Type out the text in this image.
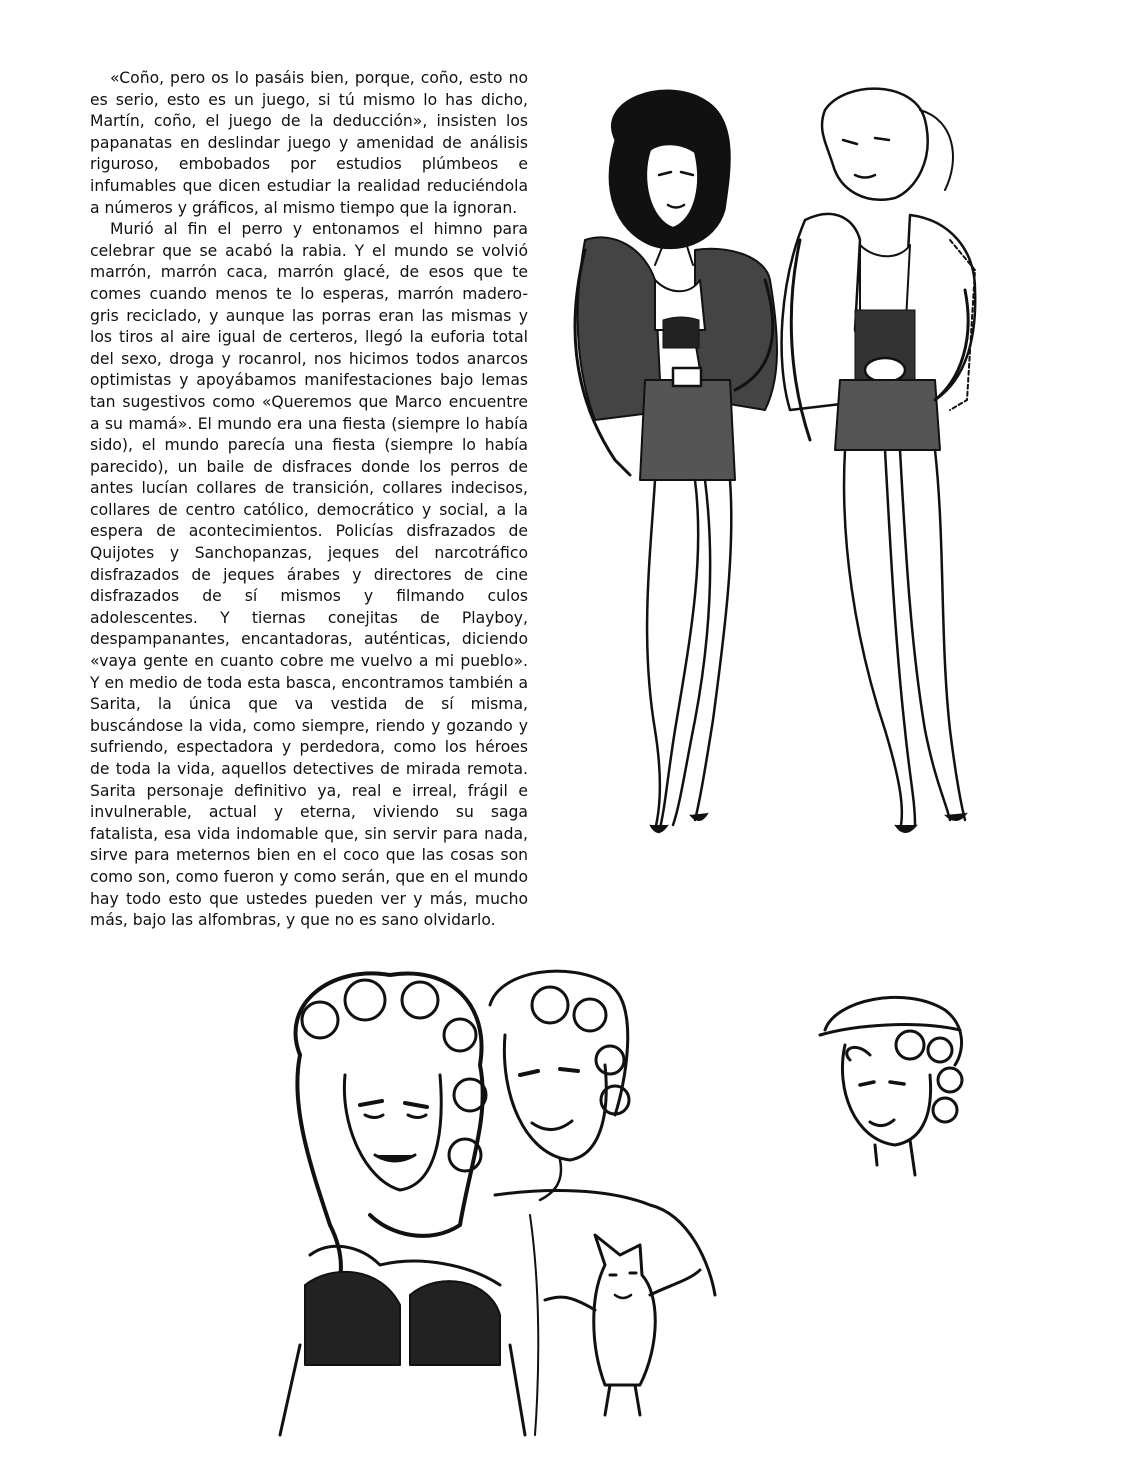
«Coño, pero os lo pasáis bien, porque, coño, esto no es serio, esto es un juego, si tú mismo lo has dicho, Martín, coño, el juego de la deducción», insisten los papanatas en deslindar juego y amenidad de análisis riguroso, embobados por estudios plúmbeos e infumables que dicen estudiar la realidad reduciéndola a números y gráficos, al mismo tiempo que la ignoran.

Murió al fin el perro y entonamos el himno para celebrar que se acabó la rabia. Y el mundo se volvió marrón, marrón caca, marrón glacé, de esos que te comes cuando menos te lo esperas, marrón madero-gris reciclado, y aunque las porras eran las mismas y los tiros al aire igual de certeros, llegó la euforia total del sexo, droga y rocanrol, nos hicimos todos anarcos optimistas y apoyábamos manifestaciones bajo lemas tan sugestivos como «Queremos que Marco encuentre a su mamá». El mundo era una fiesta (siempre lo había sido), el mundo parecía una fiesta (siempre lo había parecido), un baile de disfraces donde los perros de antes lucían collares de transición, collares indecisos, collares de centro católico, democrático y social, a la espera de acontecimientos. Policías disfrazados de Quijotes y Sanchopanzas, jeques del narcotráfico disfrazados de jeques árabes y directores de cine disfrazados de sí mismos y filmando culos adolescentes. Y tiernas conejitas de Playboy, despampanantes, encantadoras, auténticas, diciendo «vaya gente en cuanto cobre me vuelvo a mi pueblo». Y en medio de toda esta basca, encontramos también a Sarita, la única que va vestida de sí misma, buscándose la vida, como siempre, riendo y gozando y sufriendo, espectadora y perdedora, como los héroes de toda la vida, aquellos detectives de mirada remota. Sarita personaje definitivo ya, real e irreal, frágil e invulnerable, actual y eterna, viviendo su saga fatalista, esa vida indomable que, sin servir para nada, sirve para meternos bien en el coco que las cosas son como son, como fueron y como serán, que en el mundo hay todo esto que ustedes pueden ver y más, mucho más, bajo las alfombras, y que no es sano olvidarlo.
